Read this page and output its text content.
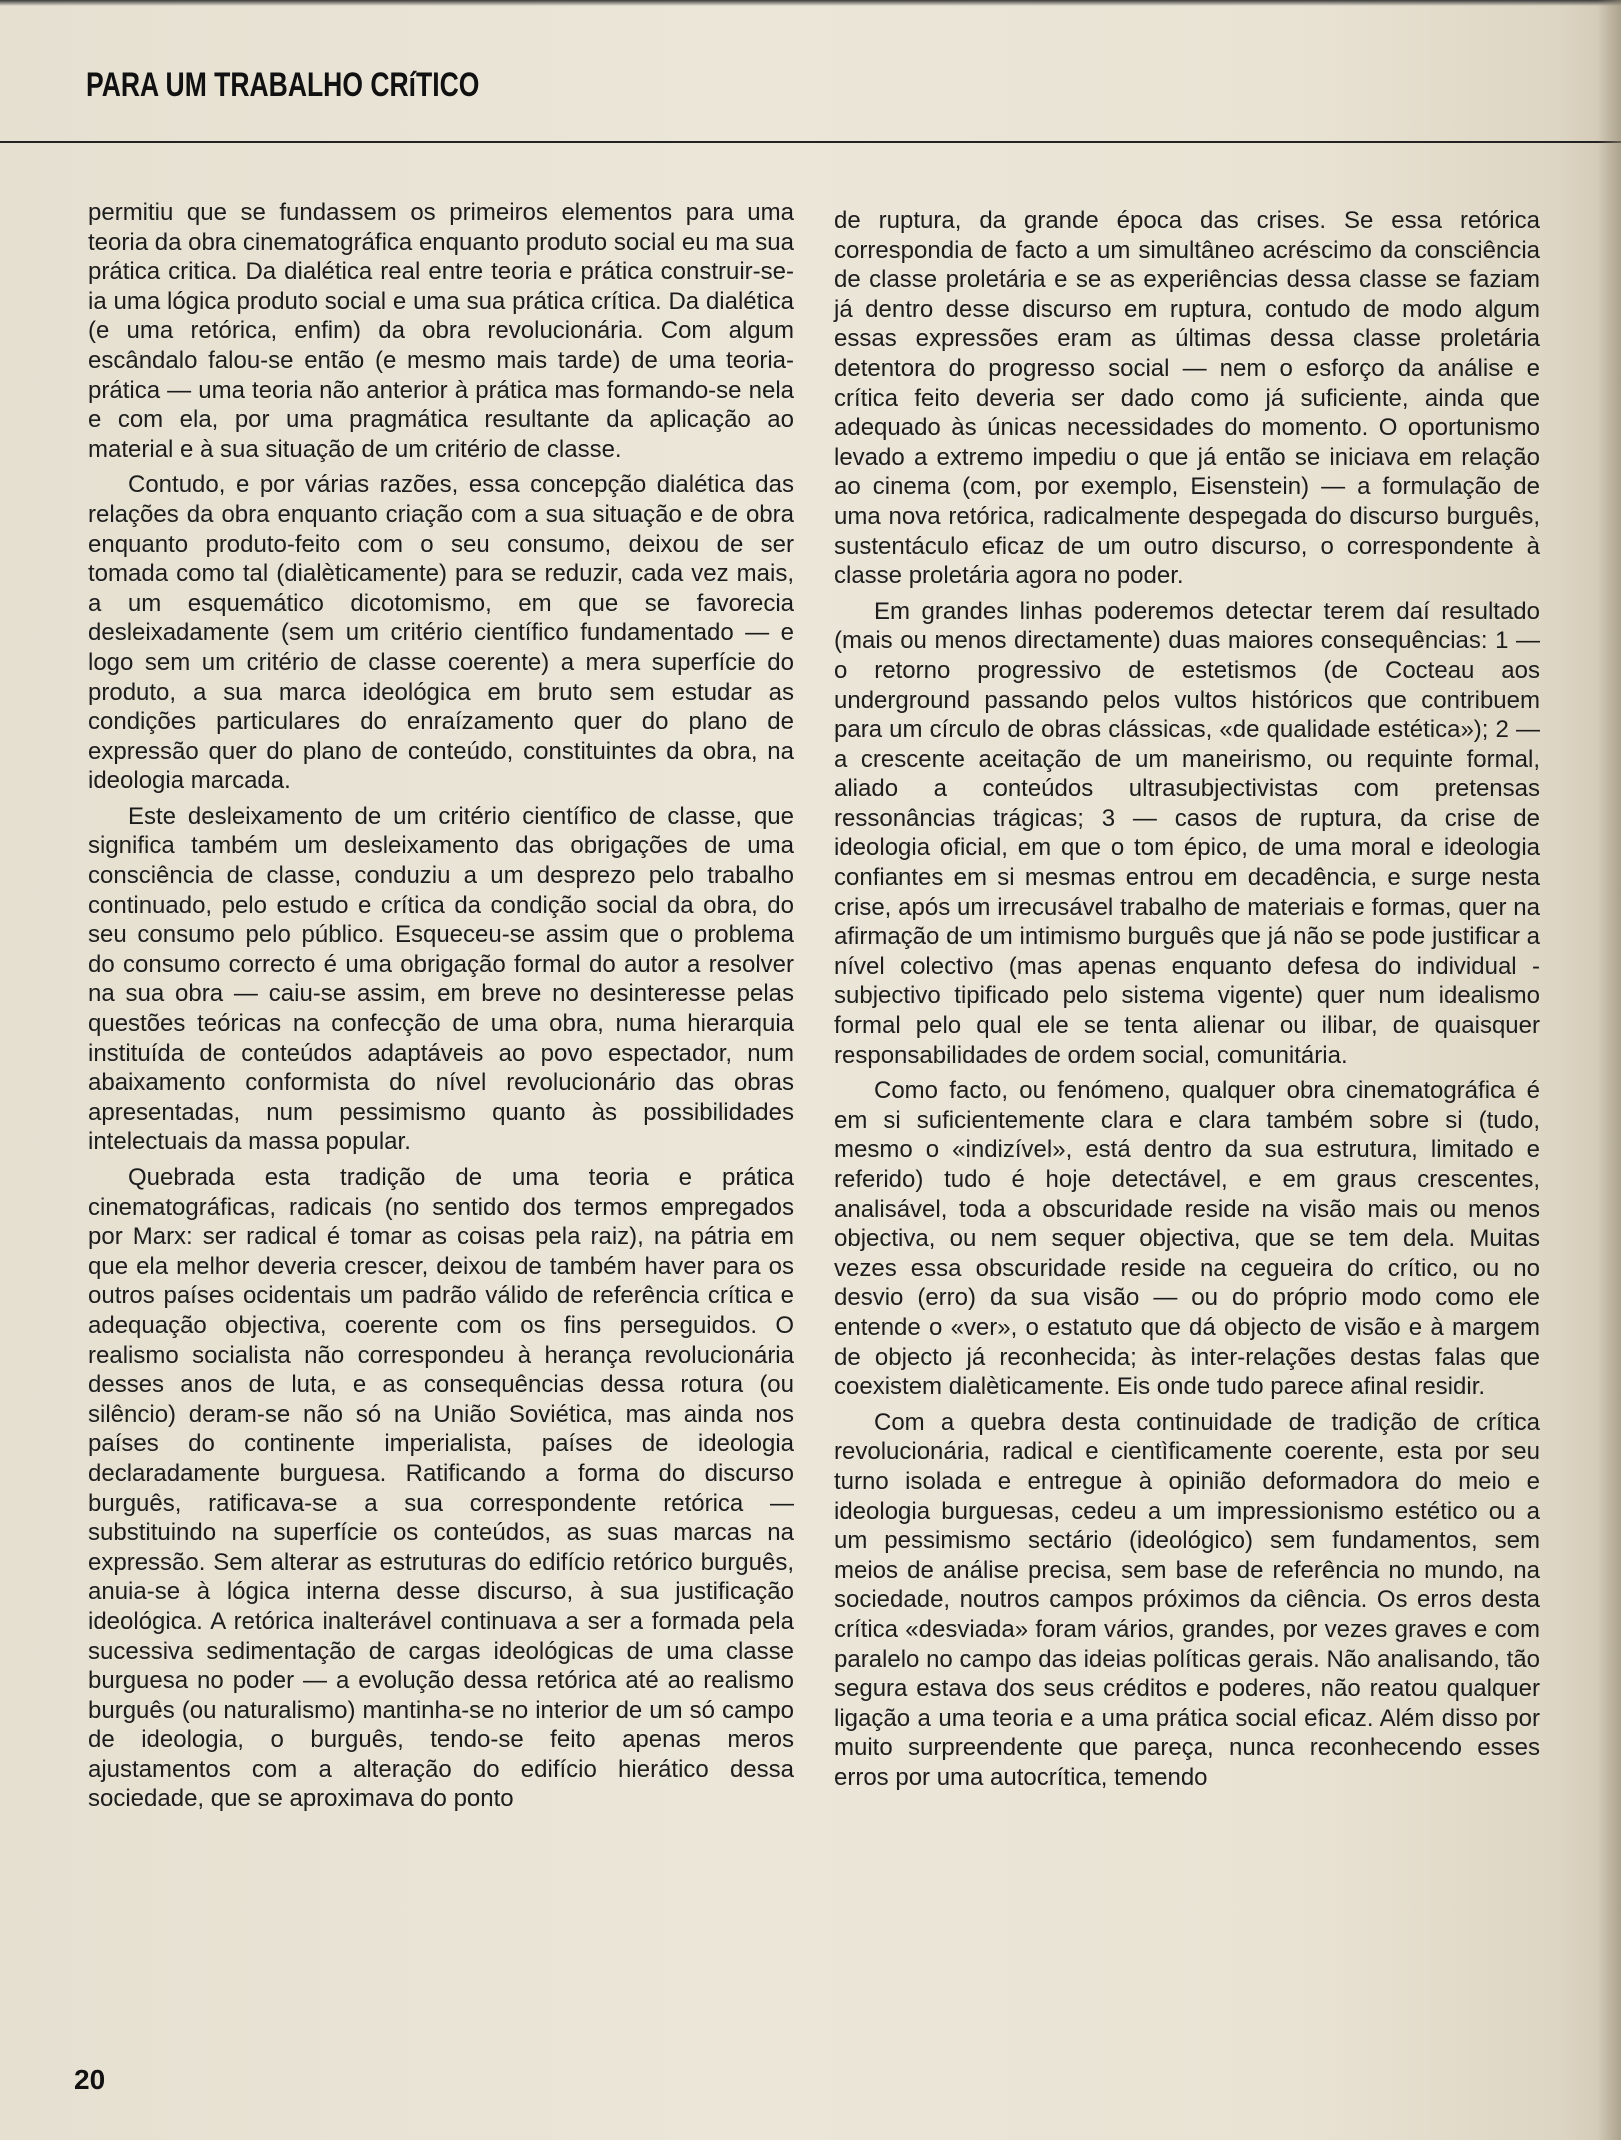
PARA UM TRABALHO CRíTICO

permitiu que se fundassem os primeiros elementos para uma teoria da obra cinematográfica enquanto produto social eu ma sua prática critica. Da dialética real entre teoria e prática construir-se-ia uma lógica produto social e uma sua prática crítica. Da dialética (e uma retórica, enfim) da obra revolucionária. Com algum escândalo falou-se então (e mesmo mais tarde) de uma teoria-prática — uma teoria não anterior à prática mas formando-se nela e com ela, por uma pragmática resultante da aplicação ao material e à sua situação de um critério de classe.

Contudo, e por várias razões, essa concepção dialética das relações da obra enquanto criação com a sua situação e de obra enquanto produto-feito com o seu consumo, deixou de ser tomada como tal (dialèticamente) para se reduzir, cada vez mais, a um esquemático dicotomismo, em que se favorecia desleixadamente (sem um critério científico fundamentado — e logo sem um critério de classe coerente) a mera superfície do produto, a sua marca ideológica em bruto sem estudar as condições particulares do enraízamento quer do plano de expressão quer do plano de conteúdo, constituintes da obra, na ideologia marcada.

Este desleixamento de um critério científico de classe, que significa também um desleixamento das obrigações de uma consciência de classe, conduziu a um desprezo pelo trabalho continuado, pelo estudo e crítica da condição social da obra, do seu consumo pelo público. Esqueceu-se assim que o problema do consumo correcto é uma obrigação formal do autor a resolver na sua obra — caiu-se assim, em breve no desinteresse pelas questões teóricas na confecção de uma obra, numa hierarquia instituída de conteúdos adaptáveis ao povo espectador, num abaixamento conformista do nível revolucionário das obras apresentadas, num pessimismo quanto às possibilidades intelectuais da massa popular.

Quebrada esta tradição de uma teoria e prática cinematográficas, radicais (no sentido dos termos empregados por Marx: ser radical é tomar as coisas pela raiz), na pátria em que ela melhor deveria crescer, deixou de também haver para os outros países ocidentais um padrão válido de referência crítica e adequação objectiva, coerente com os fins perseguidos. O realismo socialista não correspondeu à herança revolucionária desses anos de luta, e as consequências dessa rotura (ou silêncio) deram-se não só na União Soviética, mas ainda nos países do continente imperialista, países de ideologia declaradamente burguesa. Ratificando a forma do discurso burguês, ratificava-se a sua correspondente retórica — substituindo na superfície os conteúdos, as suas marcas na expressão. Sem alterar as estruturas do edifício retórico burguês, anuia-se à lógica interna desse discurso, à sua justificação ideológica. A retórica inalterável continuava a ser a formada pela sucessiva sedimentação de cargas ideológicas de uma classe burguesa no poder — a evolução dessa retórica até ao realismo burguês (ou naturalismo) mantinha-se no interior de um só campo de ideologia, o burguês, tendo-se feito apenas meros ajustamentos com a alteração do edifício hierático dessa sociedade, que se aproximava do ponto

de ruptura, da grande época das crises. Se essa retórica correspondia de facto a um simultâneo acréscimo da consciência de classe proletária e se as experiências dessa classe se faziam já dentro desse discurso em ruptura, contudo de modo algum essas expressões eram as últimas dessa classe proletária detentora do progresso social — nem o esforço da análise e crítica feito deveria ser dado como já suficiente, ainda que adequado às únicas necessidades do momento. O oportunismo levado a extremo impediu o que já então se iniciava em relação ao cinema (com, por exemplo, Eisenstein) — a formulação de uma nova retórica, radicalmente despegada do discurso burguês, sustentáculo eficaz de um outro discurso, o correspondente à classe proletária agora no poder.

Em grandes linhas poderemos detectar terem daí resultado (mais ou menos directamente) duas maiores consequências: 1 — o retorno progressivo de estetismos (de Cocteau aos underground passando pelos vultos históricos que contribuem para um círculo de obras clássicas, «de qualidade estética»); 2 — a crescente aceitação de um maneirismo, ou requinte formal, aliado a conteúdos ultrasubjectivistas com pretensas ressonâncias trágicas; 3 — casos de ruptura, da crise de ideologia oficial, em que o tom épico, de uma moral e ideologia confiantes em si mesmas entrou em decadência, e surge nesta crise, após um irrecusável trabalho de materiais e formas, quer na afirmação de um intimismo burguês que já não se pode justificar a nível colectivo (mas apenas enquanto defesa do individual - subjectivo tipificado pelo sistema vigente) quer num idealismo formal pelo qual ele se tenta alienar ou ilibar, de quaisquer responsabilidades de ordem social, comunitária.

Como facto, ou fenómeno, qualquer obra cinematográfica é em si suficientemente clara e clara também sobre si (tudo, mesmo o «indizível», está dentro da sua estrutura, limitado e referido) tudo é hoje detectável, e em graus crescentes, analisável, toda a obscuridade reside na visão mais ou menos objectiva, ou nem sequer objectiva, que se tem dela. Muitas vezes essa obscuridade reside na cegueira do crítico, ou no desvio (erro) da sua visão — ou do próprio modo como ele entende o «ver», o estatuto que dá objecto de visão e à margem de objecto já reconhecida; às inter-relações destas falas que coexistem dialèticamente. Eis onde tudo parece afinal residir.

Com a quebra desta continuidade de tradição de crítica revolucionária, radical e cientìficamente coerente, esta por seu turno isolada e entregue à opinião deformadora do meio e ideologia burguesas, cedeu a um impressionismo estético ou a um pessimismo sectário (ideológico) sem fundamentos, sem meios de análise precisa, sem base de referência no mundo, na sociedade, noutros campos próximos da ciência. Os erros desta crítica «desviada» foram vários, grandes, por vezes graves e com paralelo no campo das ideias políticas gerais. Não analisando, tão segura estava dos seus créditos e poderes, não reatou qualquer ligação a uma teoria e a uma prática social eficaz. Além disso por muito surpreendente que pareça, nunca reconhecendo esses erros por uma autocrítica, temendo

20
